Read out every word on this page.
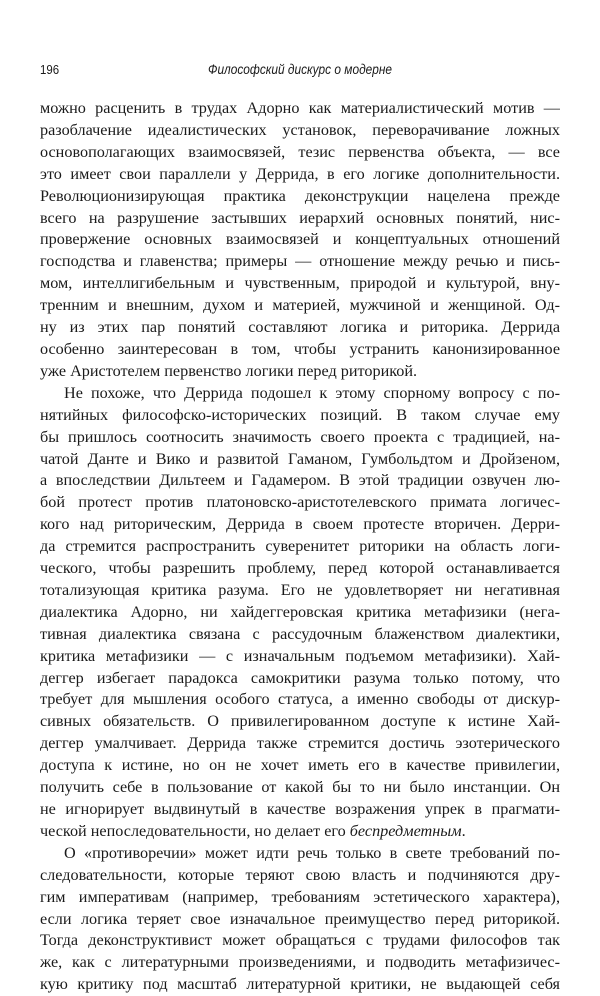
196	Философский дискурс о модерне
можно расценить в трудах Адорно как материалистический мотив —
разоблачение идеалистических установок, переворачивание ложных
основополагающих взаимосвязей, тезис первенства объекта, — все
это имеет свои параллели у Деррида, в его логике дополнительности.
Революционизирующая практика деконструкции нацелена прежде
всего на разрушение застывших иерархий основных понятий, нис-
провержение основных взаимосвязей и концептуальных отношений
господства и главенства; примеры — отношение между речью и пись-
мом, интеллигибельным и чувственным, природой и культурой, вну-
тренним и внешним, духом и материей, мужчиной и женщиной. Од-
ну из этих пар понятий составляют логика и риторика. Деррида
особенно заинтересован в том, чтобы устранить канонизированное
уже Аристотелем первенство логики перед риторикой.
Не похоже, что Деррида подошел к этому спорному вопросу с по-
нятийных философско-исторических позиций. В таком случае ему
бы пришлось соотносить значимость своего проекта с традицией, на-
чатой Данте и Вико и развитой Гаманом, Гумбольдтом и Дройзеном,
а впоследствии Дильтеем и Гадамером. В этой традиции озвучен лю-
бой протест против платоновско-аристотелевского примата логичес-
кого над риторическим, Деррида в своем протесте вторичен. Дерри-
да стремится распространить суверенитет риторики на область логи-
ческого, чтобы разрешить проблему, перед которой останавливается
тотализующая критика разума. Его не удовлетворяет ни негативная
диалектика Адорно, ни хайдеггеровская критика метафизики (нега-
тивная диалектика связана с рассудочным блаженством диалектики,
критика метафизики — с изначальным подъемом метафизики). Хай-
деггер избегает парадокса самокритики разума только потому, что
требует для мышления особого статуса, а именно свободы от дискур-
сивных обязательств. О привилегированном доступе к истине Хай-
деггер умалчивает. Деррида также стремится достичь эзотерического
доступа к истине, но он не хочет иметь его в качестве привилегии,
получить себе в пользование от какой бы то ни было инстанции. Он
не игнорирует выдвинутый в качестве возражения упрек в прагмати-
ческой непоследовательности, но делает его беспредметным.
О «противоречии» может идти речь только в свете требований по-
следовательности, которые теряют свою власть и подчиняются дру-
гим императивам (например, требованиям эстетического характера),
если логика теряет свое изначальное преимущество перед риторикой.
Тогда деконструктивист может обращаться с трудами философов так
же, как с литературными произведениями, и подводить метафизичес-
кую критику под масштаб литературной критики, не выдающей себя
